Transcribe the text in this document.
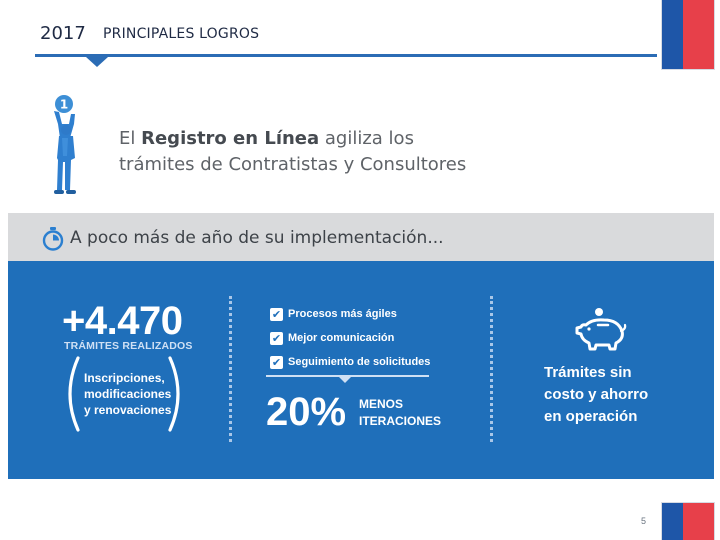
2017 PRINCIPALES LOGROS
1
El Registro en Línea agiliza los
trámites de Contratistas y Consultores
A poco más de año de su implementación...
+4.470
TRÁMITES REALIZADOS
Inscripciones,
modificaciones
y renovaciones
✔ Procesos más ágiles
✔ Mejor comunicación
✔ Seguimiento de solicitudes
20% MENOS
ITERACIONES
Trámites sin
costo y ahorro
en operación
5
